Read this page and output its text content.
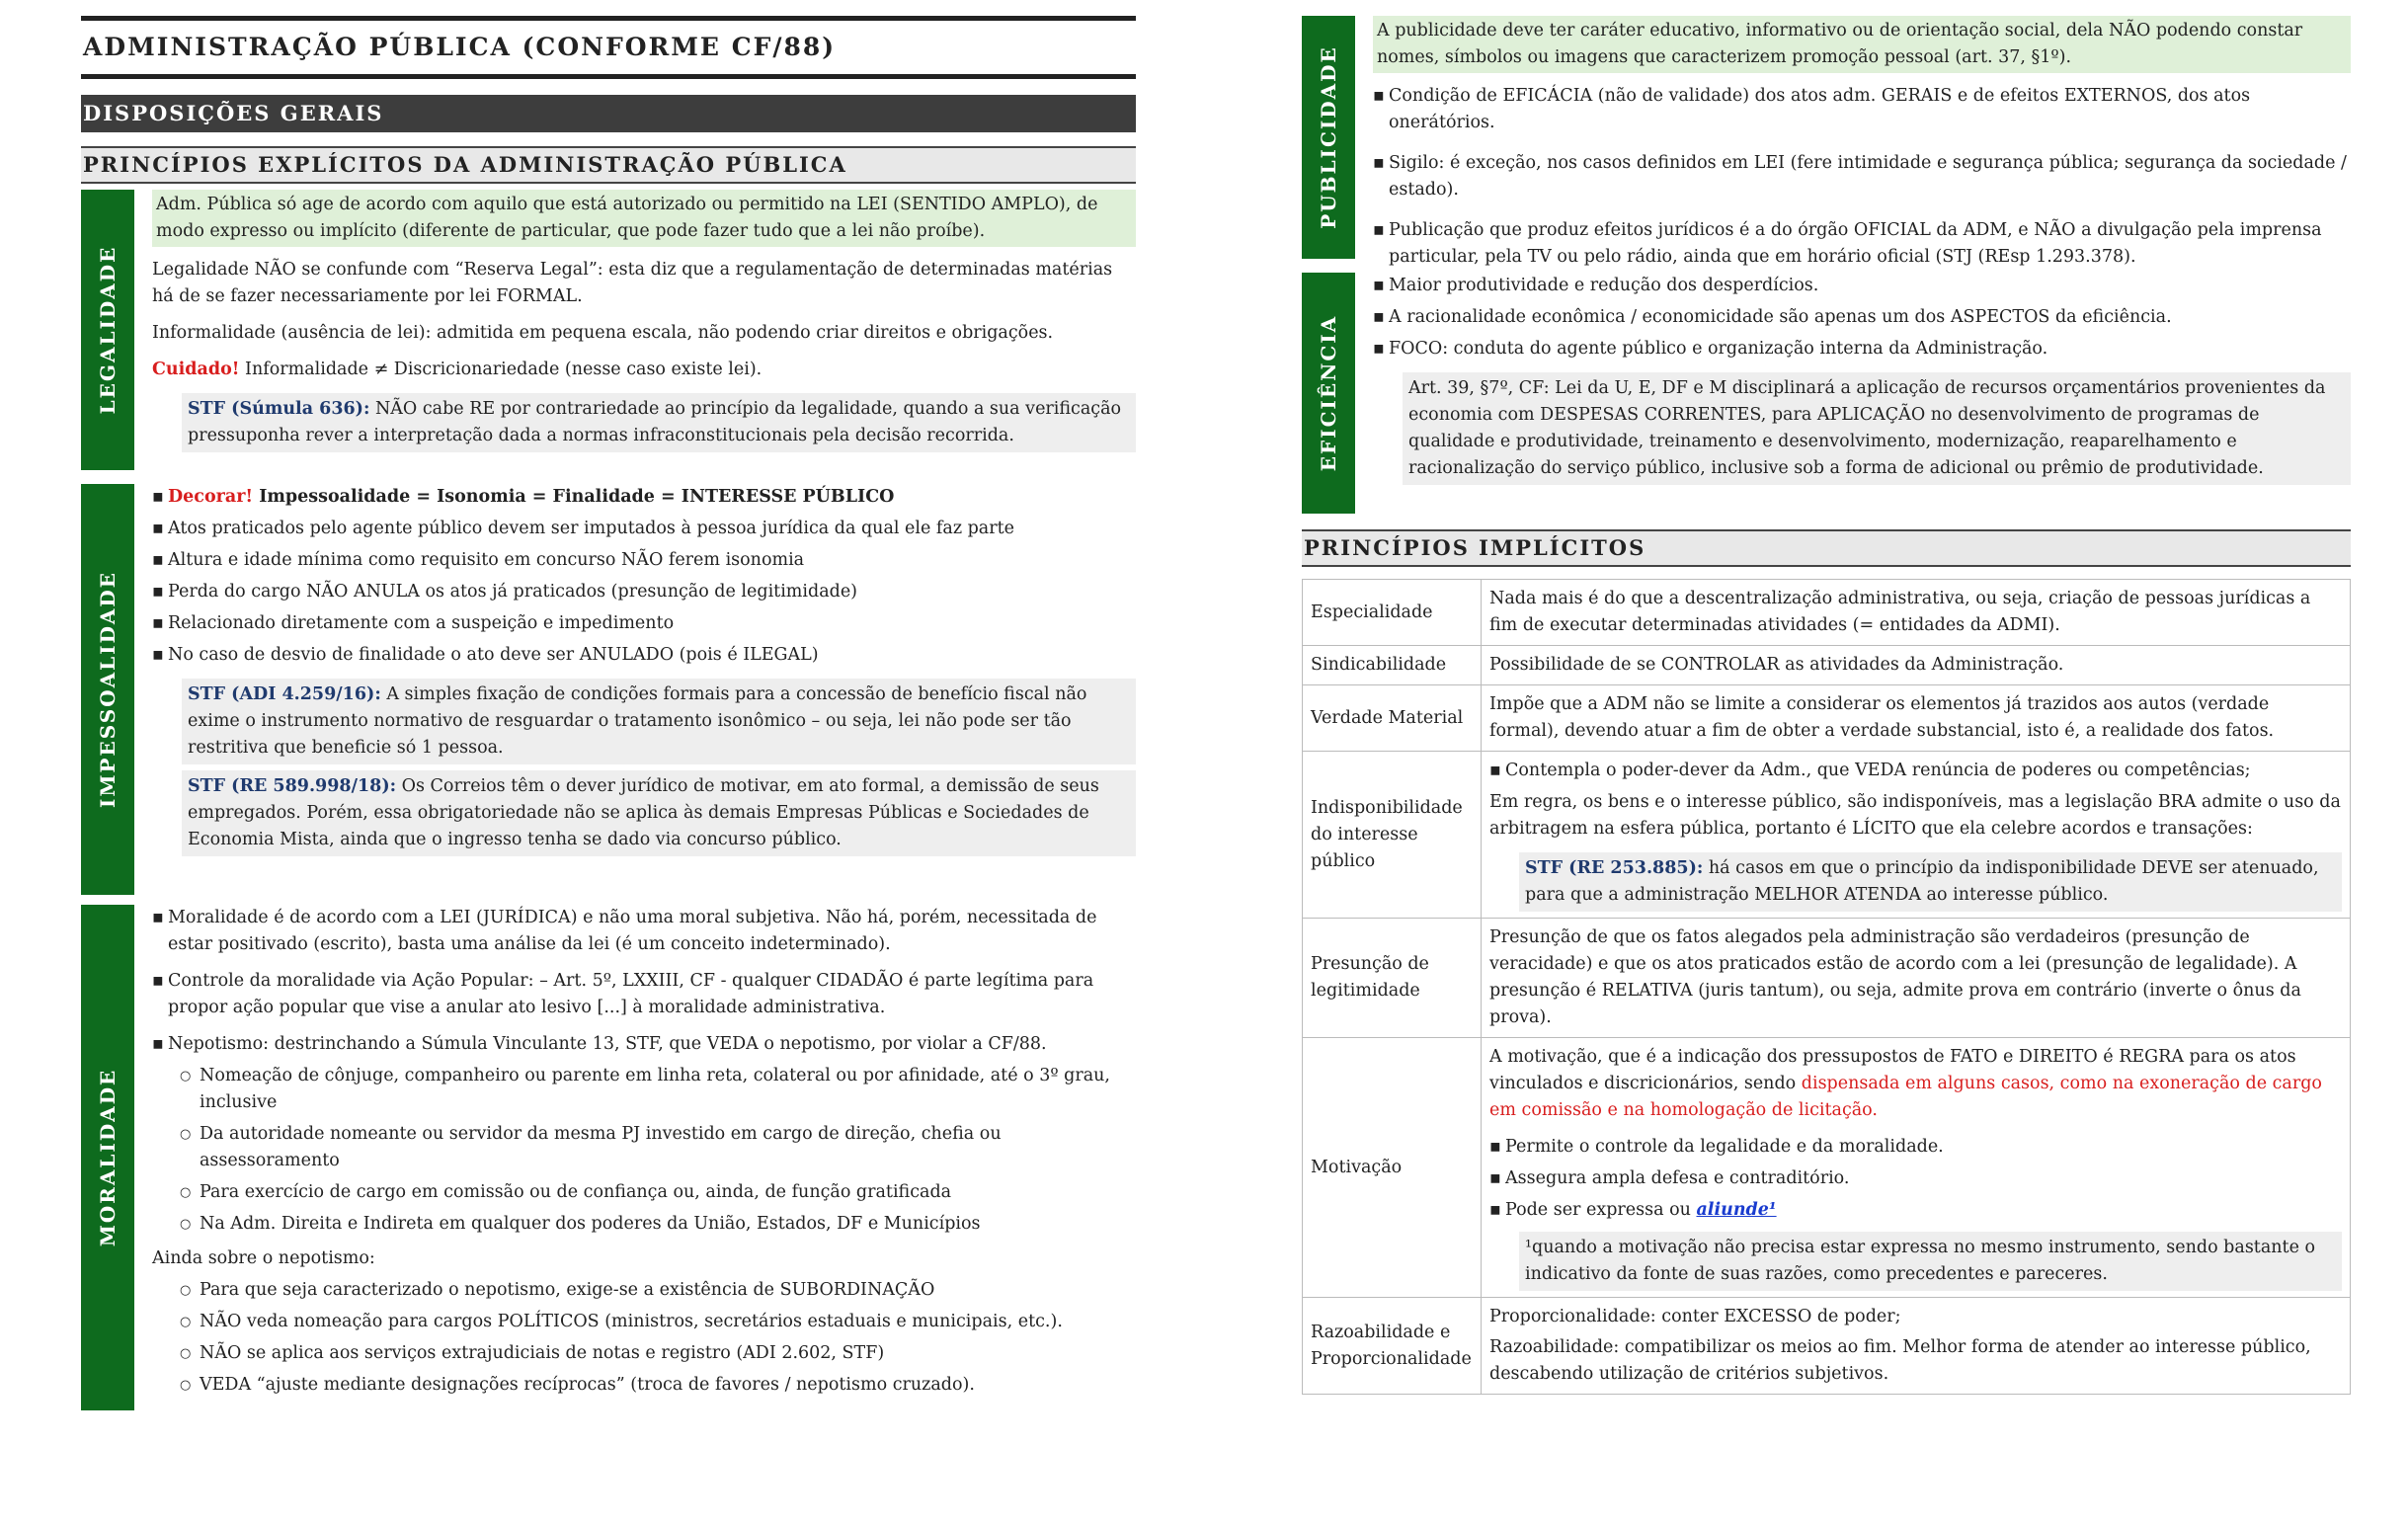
ADMINISTRAÇÃO PÚBLICA (CONFORME CF/88)
DISPOSIÇÕES GERAIS
PRINCÍPIOS EXPLÍCITOS DA ADMINISTRAÇÃO PÚBLICA
LEGALIDADE
Adm. Pública só age de acordo com aquilo que está autorizado ou permitido na LEI (SENTIDO AMPLO), de modo expresso ou implícito (diferente de particular, que pode fazer tudo que a lei não proíbe).
Legalidade NÃO se confunde com “Reserva Legal”: esta diz que a regulamentação de determinadas matérias há de se fazer necessariamente por lei FORMAL.
Informalidade (ausência de lei): admitida em pequena escala, não podendo criar direitos e obrigações.
Cuidado! Informalidade ≠ Discricionariedade (nesse caso existe lei).
STF (Súmula 636): NÃO cabe RE por contrariedade ao princípio da legalidade, quando a sua verificação pressuponha rever a interpretação dada a normas infraconstitucionais pela decisão recorrida.
IMPESSOALIDADE
▪ Decorar! Impessoalidade = Isonomia = Finalidade = INTERESSE PÚBLICO
▪ Atos praticados pelo agente público devem ser imputados à pessoa jurídica da qual ele faz parte
▪ Altura e idade mínima como requisito em concurso NÃO ferem isonomia
▪ Perda do cargo NÃO ANULA os atos já praticados (presunção de legitimidade)
▪ Relacionado diretamente com a suspeição e impedimento
▪ No caso de desvio de finalidade o ato deve ser ANULADO (pois é ILEGAL)
STF (ADI 4.259/16): A simples fixação de condições formais para a concessão de benefício fiscal não exime o instrumento normativo de resguardar o tratamento isonômico – ou seja, lei não pode ser tão restritiva que beneficie só 1 pessoa.
STF (RE 589.998/18): Os Correios têm o dever jurídico de motivar, em ato formal, a demissão de seus empregados. Porém, essa obrigatoriedade não se aplica às demais Empresas Públicas e Sociedades de Economia Mista, ainda que o ingresso tenha se dado via concurso público.
MORALIDADE
▪ Moralidade é de acordo com a LEI (JURÍDICA) e não uma moral subjetiva. Não há, porém, necessitada de estar positivado (escrito), basta uma análise da lei (é um conceito indeterminado).
▪ Controle da moralidade via Ação Popular: – Art. 5º, LXXIII, CF - qualquer CIDADÃO é parte legítima para propor ação popular que vise a anular ato lesivo [...] à moralidade administrativa.
▪ Nepotismo: destrinchando a Súmula Vinculante 13, STF, que VEDA o nepotismo, por violar a CF/88.
○ Nomeação de cônjuge, companheiro ou parente em linha reta, colateral ou por afinidade, até o 3º grau, inclusive
○ Da autoridade nomeante ou servidor da mesma PJ investido em cargo de direção, chefia ou assessoramento
○ Para exercício de cargo em comissão ou de confiança ou, ainda, de função gratificada
○ Na Adm. Direita e Indireta em qualquer dos poderes da União, Estados, DF e Municípios
Ainda sobre o nepotismo:
○ Para que seja caracterizado o nepotismo, exige-se a existência de SUBORDINAÇÃO
○ NÃO veda nomeação para cargos POLÍTICOS (ministros, secretários estaduais e municipais, etc.).
○ NÃO se aplica aos serviços extrajudiciais de notas e registro (ADI 2.602, STF)
○ VEDA “ajuste mediante designações recíprocas” (troca de favores / nepotismo cruzado).
PUBLICIDADE
A publicidade deve ter caráter educativo, informativo ou de orientação social, dela NÃO podendo constar nomes, símbolos ou imagens que caracterizem promoção pessoal (art. 37, §1º).
▪ Condição de EFICÁCIA (não de validade) dos atos adm. GERAIS e de efeitos EXTERNOS, dos atos onerátórios.
▪ Sigilo: é exceção, nos casos definidos em LEI (fere intimidade e segurança pública; segurança da sociedade / estado).
▪ Publicação que produz efeitos jurídicos é a do órgão OFICIAL da ADM, e NÃO a divulgação pela imprensa particular, pela TV ou pelo rádio, ainda que em horário oficial (STJ (REsp 1.293.378).
EFICIÊNCIA
▪ Maior produtividade e redução dos desperdícios.
▪ A racionalidade econômica / economicidade são apenas um dos ASPECTOS da eficiência.
▪ FOCO: conduta do agente público e organização interna da Administração.
Art. 39, §7º, CF: Lei da U, E, DF e M disciplinará a aplicação de recursos orçamentários provenientes da economia com DESPESAS CORRENTES, para APLICAÇÃO no desenvolvimento de programas de qualidade e produtividade, treinamento e desenvolvimento, modernização, reaparelhamento e racionalização do serviço público, inclusive sob a forma de adicional ou prêmio de produtividade.
PRINCÍPIOS IMPLÍCITOS
Especialidade	Nada mais é do que a descentralização administrativa, ou seja, criação de pessoas jurídicas a fim de executar determinadas atividades (= entidades da ADMI).
Sindicabilidade	Possibilidade de se CONTROLAR as atividades da Administração.
Verdade Material	Impõe que a ADM não se limite a considerar os elementos já trazidos aos autos (verdade formal), devendo atuar a fim de obter a verdade substancial, isto é, a realidade dos fatos.
Indisponibilidade do interesse público	▪ Contempla o poder-dever da Adm., que VEDA renúncia de poderes ou competências;
Em regra, os bens e o interesse público, são indisponíveis, mas a legislação BRA admite o uso da arbitragem na esfera pública, portanto é LÍCITO que ela celebre acordos e transações:
STF (RE 253.885): há casos em que o princípio da indisponibilidade DEVE ser atenuado, para que a administração MELHOR ATENDA ao interesse público.

Presunção de legitimidade	Presunção de que os fatos alegados pela administração são verdadeiros (presunção de veracidade) e que os atos praticados estão de acordo com a lei (presunção de legalidade). A presunção é RELATIVA (juris tantum), ou seja, admite prova em contrário (inverte o ônus da prova).
Motivação	A motivação, que é a indicação dos pressupostos de FATO e DIREITO é REGRA para os atos vinculados e discricionários, sendo dispensada em alguns casos, como na exoneração de cargo em comissão e na homologação de licitação.
▪ Permite o controle da legalidade e da moralidade.
▪ Assegura ampla defesa e contraditório.
▪ Pode ser expressa ou aliunde¹
¹quando a motivação não precisa estar expressa no mesmo instrumento, sendo bastante o indicativo da fonte de suas razões, como precedentes e pareceres.

Razoabilidade e Proporcionalidade	Proporcionalidade: conter EXCESSO de poder;
Razoabilidade: compatibilizar os meios ao fim. Melhor forma de atender ao interesse público, descabendo utilização de critérios subjetivos.
